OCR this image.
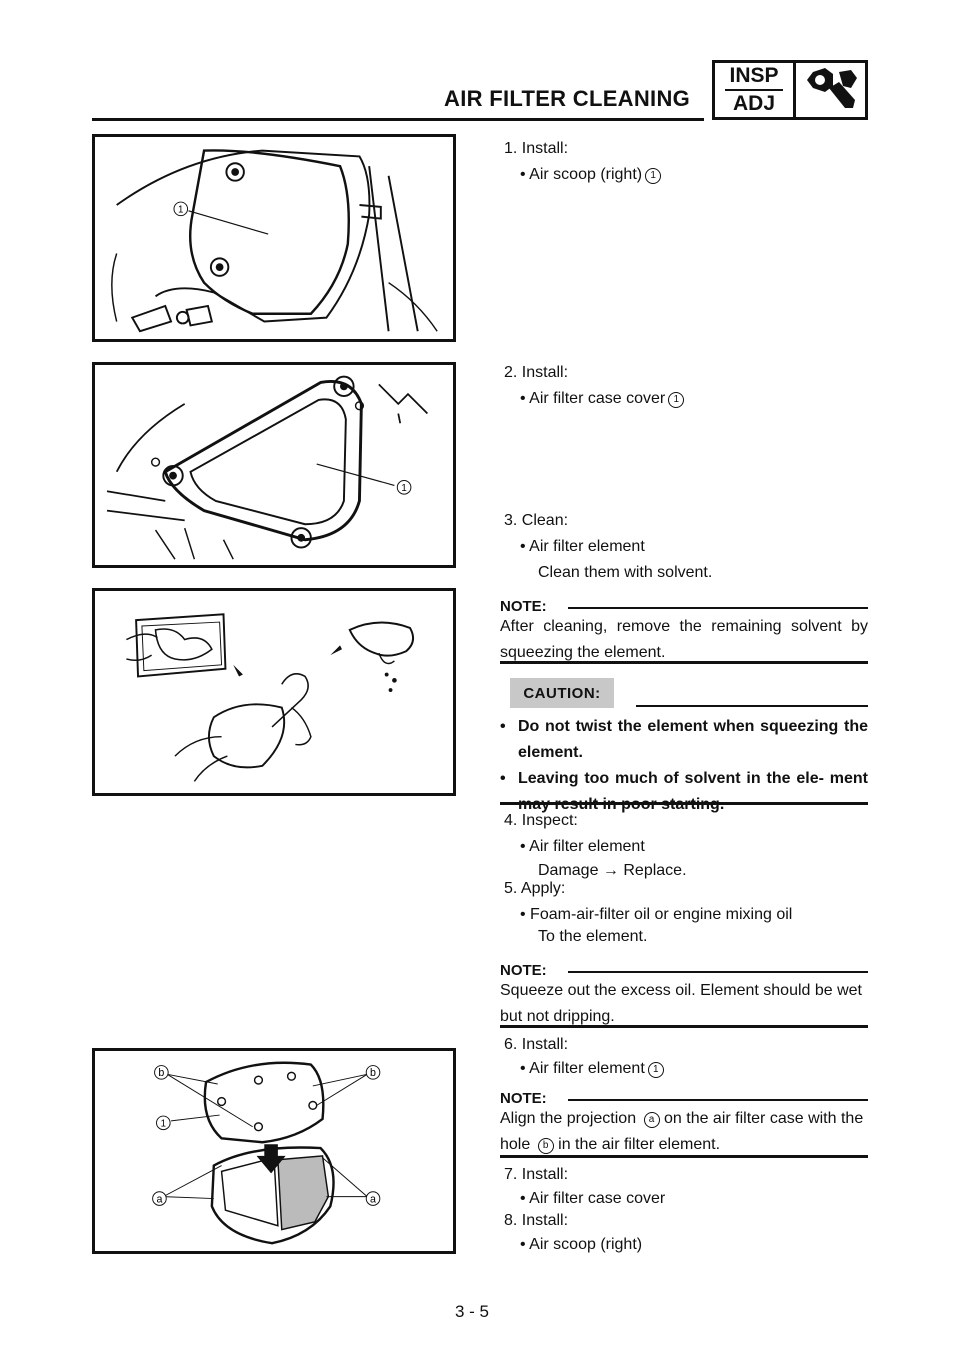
AIR FILTER CLEANING
INSP
ADJ
1
1
b	b
1
a	a
1. Install:
• Air scoop (right) 1
2. Install:
• Air filter case cover 1
3. Clean:
• Air filter element
Clean them with solvent.
NOTE:
After cleaning, remove the remaining solvent by squeezing the element.
CAUTION:
• Do not twist the element when squeezing the element.
• Leaving too much of solvent in the ele- ment
4. Inspect:
• Air filter element
Damage → Replace.
5. Apply:
• Foam-air-filter oil or engine mixing oil
To the element.
NOTE:
Squeeze out the excess oil. Element should be wet but not dripping.
6. Install:
• Air filter element 1
NOTE:
Align the projection a on the air filter case with the hole b in the air filter element.
7. Install:
• Air filter case cover
8. Install:
• Air scoop (right)
3 - 5
